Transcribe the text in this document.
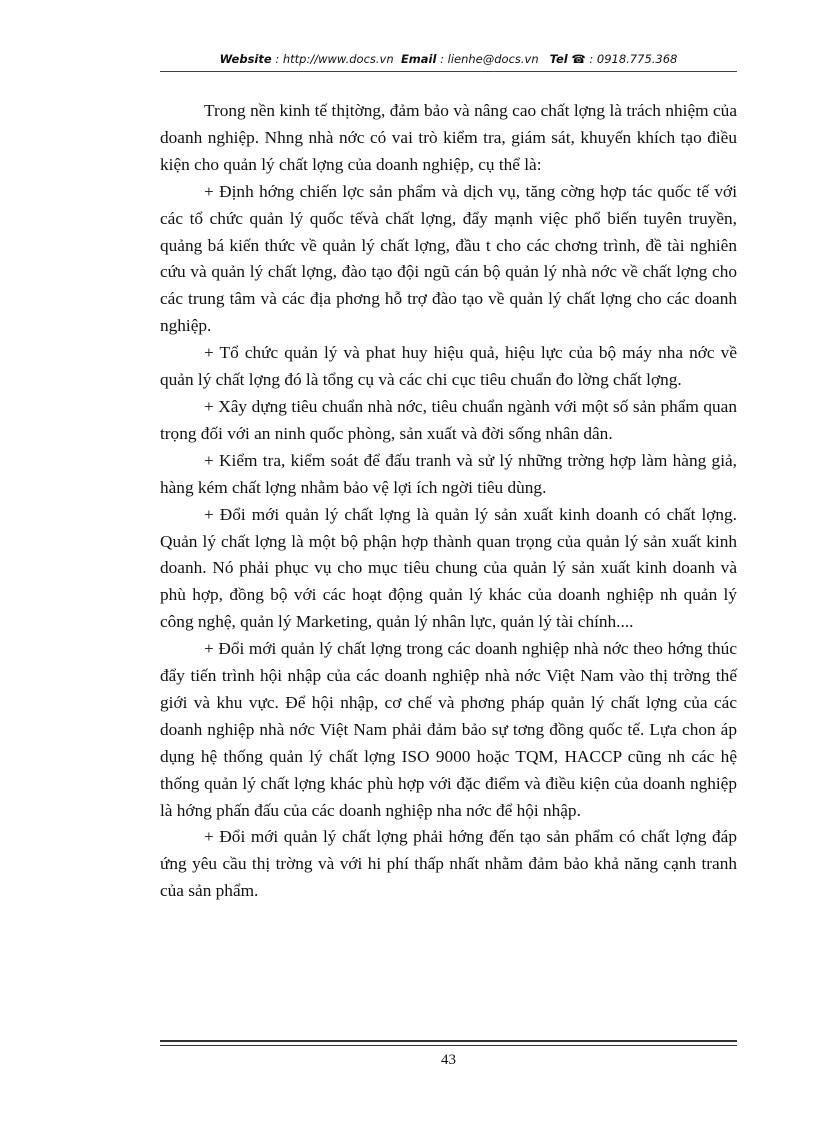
Website : http://www.docs.vn Email : lienhe@docs.vn Tel ☎ : 0918.775.368

Trong nền kinh tế thịtờng, đảm bảo và nâng cao chất lợng là trách nhiệm của doanh nghiệp. Nhng nhà nớc có vai trò kiểm tra, giám sát, khuyến khích tạo điều kiện cho quản lý chất lợng của doanh nghiệp, cụ thể là:

+ Định hớng chiến lợc sản phẩm và dịch vụ, tăng cờng hợp tác quốc tế với các tổ chức quản lý quốc tếvà chất lợng, đẩy mạnh việc phổ biến tuyên truyền, quảng bá kiến thức về quản lý chất lợng, đầu t cho các chơng trình, đề tài nghiên cứu và quản lý chất lợng, đào tạo đội ngũ cán bộ quản lý nhà nớc về chất lợng cho các trung tâm và các địa phơng hỗ trợ đào tạo về quản lý chất lợng cho các doanh nghiệp.

+ Tổ chức quản lý và phat huy hiệu quả, hiệu lực của bộ máy nha nớc về quản lý chất lợng đó là tổng cụ và các chi cục tiêu chuẩn đo lờng chất lợng.

+ Xây dựng tiêu chuẩn nhà nớc, tiêu chuẩn ngành với một số sản phẩm quan trọng đối với an ninh quốc phòng, sản xuất và đời sống nhân dân.

+ Kiểm tra, kiểm soát để đấu tranh và sử lý những trờng hợp làm hàng giả, hàng kém chất lợng nhằm bảo vệ lợi ích ngời tiêu dùng.

+ Đổi mới quản lý chất lợng là quản lý sản xuất kinh doanh có chất lợng. Quản lý chất lợng là một bộ phận hợp thành quan trọng của quản lý sản xuất kinh doanh. Nó phải phục vụ cho mục tiêu chung của quản lý sản xuất kinh doanh và phù hợp, đồng bộ với các hoạt động quản lý khác của doanh nghiệp nh quản lý công nghệ, quản lý Marketing, quản lý nhân lực, quản lý tài chính....

+ Đổi mới quản lý chất lợng trong các doanh nghiệp nhà nớc theo hớng thúc đẩy tiến trình hội nhập của các doanh nghiệp nhà nớc Việt Nam vào thị trờng thế giới và khu vực. Để hội nhập, cơ chế và phơng pháp quản lý chất lợng của các doanh nghiệp nhà nớc Việt Nam phải đảm bảo sự tơng đồng quốc tế. Lựa chon áp dụng hệ thống quản lý chất lợng ISO 9000 hoặc TQM, HACCP cũng nh các hệ thống quản lý chất lợng khác phù hợp với đặc điểm và điều kiện của doanh nghiệp là hớng phấn đấu của các doanh nghiệp nha nớc để hội nhập.

+ Đổi mới quản lý chất lợng phải hớng đến tạo sản phẩm có chất lợng đáp ứng yêu cầu thị trờng và với hi phí thấp nhất nhằm đảm bảo khả năng cạnh tranh của sản phẩm.

43
